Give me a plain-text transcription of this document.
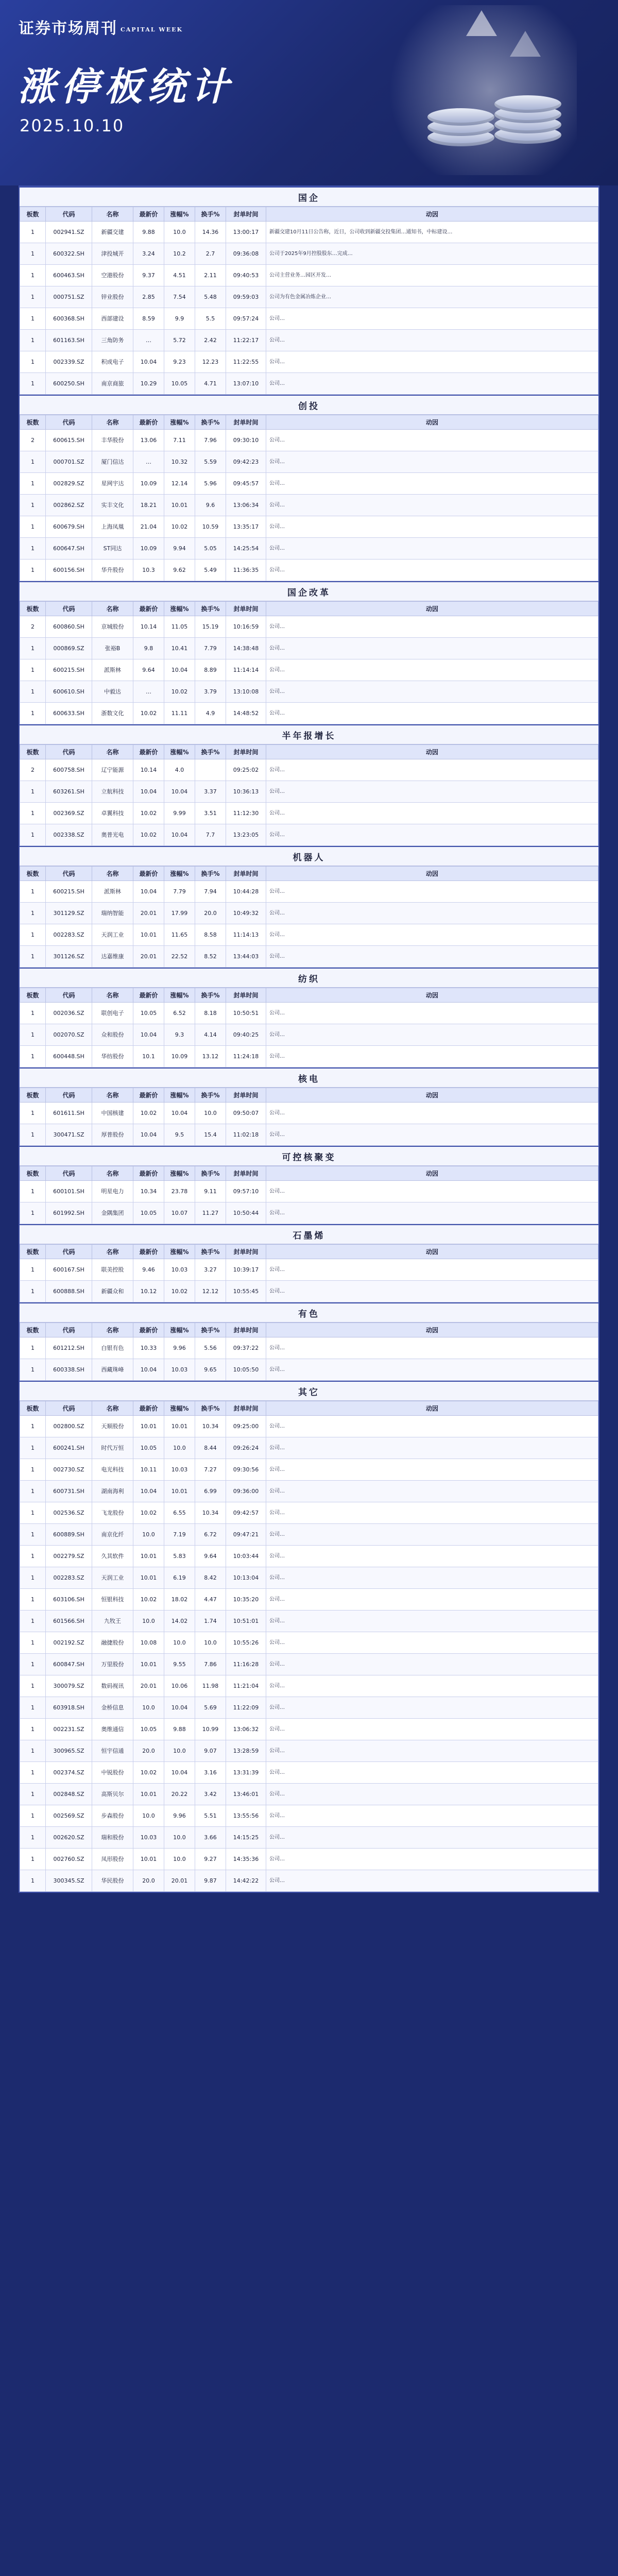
证券市场周刊 CAPITAL WEEK
涨停板统计
2025.10.10
国企
板数	代码	名称	最新价	涨幅%	换手%	封单时间	动因
1	002941.SZ	新疆交建	9.88	10.0	14.36	13:00:17	新疆交建10月11日公告称，近日，公司收到新疆交投集团…通知书，中标建设…
1	600322.SH	津投城开	3.24	10.2	2.7	09:36:08	公司于2025年9月控股股东…完成…
1	600463.SH	空港股份	9.37	4.51	2.11	09:40:53	公司主营业务…园区开发…
1	000751.SZ	锌业股份	2.85	7.54	5.48	09:59:03	公司为有色金属冶炼企业…
1	600368.SH	西部建设	8.59	9.9	5.5	09:57:24	公司…
1	601163.SH	三角防务	…	5.72	2.42	11:22:17	公司…
1	002339.SZ	积成电子	10.04	9.23	12.23	11:22:55	公司…
1	600250.SH	南京商旅	10.29	10.05	4.71	13:07:10	公司…
创投
板数	代码	名称	最新价	涨幅%	换手%	封单时间	动因
2	600615.SH	丰华股份	13.06	7.11	7.96	09:30:10	公司…
1	000701.SZ	厦门信达	…	10.32	5.59	09:42:23	公司…
1	002829.SZ	星网宇达	10.09	12.14	5.96	09:45:57	公司…
1	002862.SZ	实丰文化	18.21	10.01	9.6	13:06:34	公司…
1	600679.SH	上海凤凰	21.04	10.02	10.59	13:35:17	公司…
1	600647.SH	ST同达	10.09	9.94	5.05	14:25:54	公司…
1	600156.SH	华升股份	10.3	9.62	5.49	11:36:35	公司…
国企改革
板数	代码	名称	最新价	涨幅%	换手%	封单时间	动因
2	600860.SH	京城股份	10.14	11.05	15.19	10:16:59	公司…
1	000869.SZ	张裕B	9.8	10.41	7.79	14:38:48	公司…
1	600215.SH	派斯林	9.64	10.04	8.89	11:14:14	公司…
1	600610.SH	中毅达	…	10.02	3.79	13:10:08	公司…
1	600633.SH	浙数文化	10.02	11.11	4.9	14:48:52	公司…
半年报增长
板数	代码	名称	最新价	涨幅%	换手%	封单时间	动因
2	600758.SH	辽宁能源	10.14	4.0		09:25:02	公司…
1	603261.SH	立航科技	10.04	10.04	3.37	10:36:13	公司…
1	002369.SZ	卓翼科技	10.02	9.99	3.51	11:12:30	公司…
1	002338.SZ	奥普光电	10.02	10.04	7.7	13:23:05	公司…
机器人
板数	代码	名称	最新价	涨幅%	换手%	封单时间	动因
1	600215.SH	派斯林	10.04	7.79	7.94	10:44:28	公司…
1	301129.SZ	瑞纳智能	20.01	17.99	20.0	10:49:32	公司…
1	002283.SZ	天润工业	10.01	11.65	8.58	11:14:13	公司…
1	301126.SZ	达嘉维康	20.01	22.52	8.52	13:44:03	公司…
纺织
板数	代码	名称	最新价	涨幅%	换手%	封单时间	动因
1	002036.SZ	联创电子	10.05	6.52	8.18	10:50:51	公司…
1	002070.SZ	众和股份	10.04	9.3	4.14	09:40:25	公司…
1	600448.SH	华纺股份	10.1	10.09	13.12	11:24:18	公司…
核电
板数	代码	名称	最新价	涨幅%	换手%	封单时间	动因
1	601611.SH	中国核建	10.02	10.04	10.0	09:50:07	公司…
1	300471.SZ	厚普股份	10.04	9.5	15.4	11:02:18	公司…
可控核聚变
板数	代码	名称	最新价	涨幅%	换手%	封单时间	动因
1	600101.SH	明星电力	10.34	23.78	9.11	09:57:10	公司…
1	601992.SH	金隅集团	10.05	10.07	11.27	10:50:44	公司…
石墨烯
板数	代码	名称	最新价	涨幅%	换手%	封单时间	动因
1	600167.SH	联美控股	9.46	10.03	3.27	10:39:17	公司…
1	600888.SH	新疆众和	10.12	10.02	12.12	10:55:45	公司…
有色
板数	代码	名称	最新价	涨幅%	换手%	封单时间	动因
1	601212.SH	白银有色	10.33	9.96	5.56	09:37:22	公司…
1	600338.SH	西藏珠峰	10.04	10.03	9.65	10:05:50	公司…
其它
板数	代码	名称	最新价	涨幅%	换手%	封单时间	动因
1	002800.SZ	天顺股份	10.01	10.01	10.34	09:25:00	公司…
1	600241.SH	时代万恒	10.05	10.0	8.44	09:26:24	公司…
1	002730.SZ	电光科技	10.11	10.03	7.27	09:30:56	公司…
1	600731.SH	湖南海利	10.04	10.01	6.99	09:36:00	公司…
1	002536.SZ	飞龙股份	10.02	6.55	10.34	09:42:57	公司…
1	600889.SH	南京化纤	10.0	7.19	6.72	09:47:21	公司…
1	002279.SZ	久其软件	10.01	5.83	9.64	10:03:44	公司…
1	002283.SZ	天润工业	10.01	6.19	8.42	10:13:04	公司…
1	603106.SH	恒银科技	10.02	18.02	4.47	10:35:20	公司…
1	601566.SH	九牧王	10.0	14.02	1.74	10:51:01	公司…
1	002192.SZ	融捷股份	10.08	10.0	10.0	10:55:26	公司…
1	600847.SH	万里股份	10.01	9.55	7.86	11:16:28	公司…
1	300079.SZ	数码视讯	20.01	10.06	11.98	11:21:04	公司…
1	603918.SH	金桥信息	10.0	10.04	5.69	11:22:09	公司…
1	002231.SZ	奥维通信	10.05	9.88	10.99	13:06:32	公司…
1	300965.SZ	恒宇信通	20.0	10.0	9.07	13:28:59	公司…
1	002374.SZ	中锐股份	10.02	10.04	3.16	13:31:39	公司…
1	002848.SZ	高斯贝尔	10.01	20.22	3.42	13:46:01	公司…
1	002569.SZ	步森股份	10.0	9.96	5.51	13:55:56	公司…
1	002620.SZ	瑞和股份	10.03	10.0	3.66	14:15:25	公司…
1	002760.SZ	凤形股份	10.01	10.0	9.27	14:35:36	公司…
1	300345.SZ	华民股份	20.0	20.01	9.87	14:42:22	公司…
